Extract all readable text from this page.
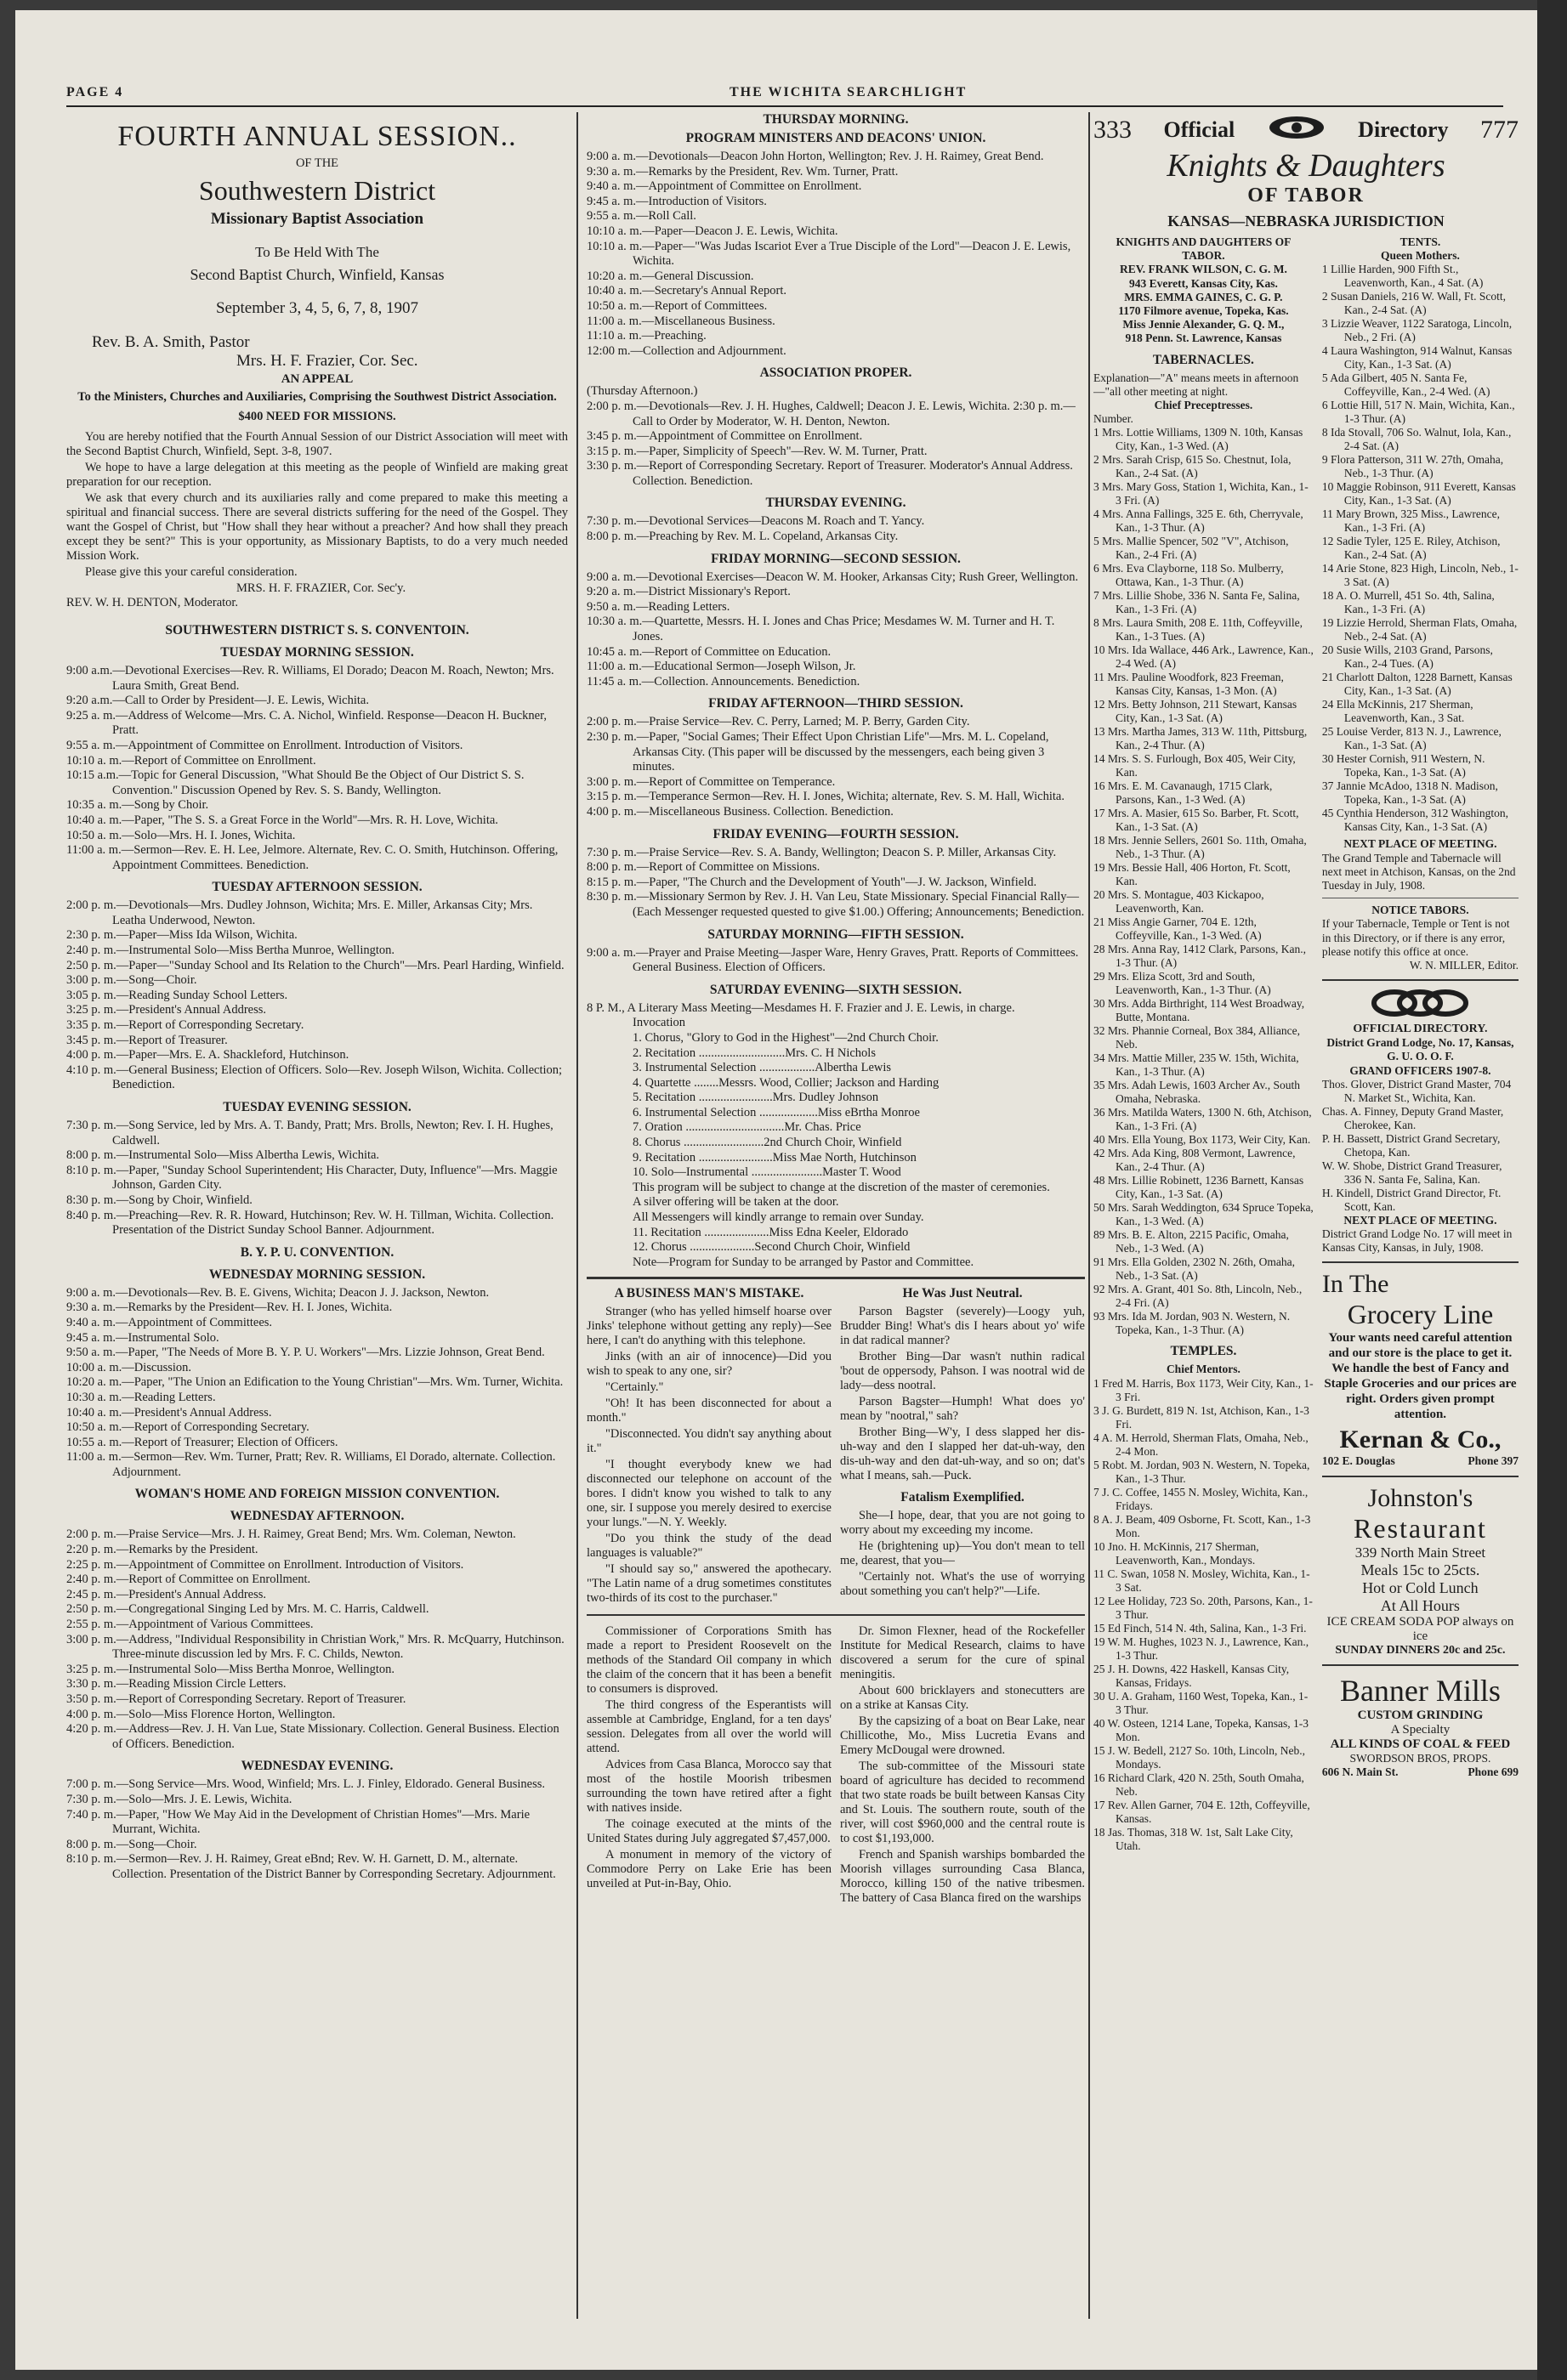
PAGE 4	THE WICHITA SEARCHLIGHT
FOURTH ANNUAL SESSION..
OF THE
Southwestern District
Missionary Baptist Association
To Be Held With The
Second Baptist Church, Winfield, Kansas
September 3, 4, 5, 6, 7, 8, 1907
Rev. B. A. Smith, Pastor
Mrs. H. F. Frazier, Cor. Sec.
AN APPEAL
To the Ministers, Churches and Auxiliaries, Comprising the Southwest District Association.
$400 NEED FOR MISSIONS.

You are hereby notified that the Fourth Annual Session of our District Association will meet with the Second Baptist Church, Winfield, Sept. 3-8, 1907.

We hope to have a large delegation at this meeting as the people of Winfield are making great preparation for our reception.

We ask that every church and its auxiliaries rally and come prepared to make this meeting a spiritual and financial success. There are several districts suffering for the need of the Gospel. They want the Gospel of Christ, but "How shall they hear without a preacher? And how shall they preach except they be sent?" This is your opportunity, as Missionary Baptists, to do a very much needed Mission Work.

Please give this your careful consideration.

MRS. H. F. FRAZIER, Cor. Sec'y.
REV. W. H. DENTON, Moderator.
SOUTHWESTERN DISTRICT S. S. CONVENTOIN.
TUESDAY MORNING SESSION.

9:00 a.m.—Devotional Exercises—Rev. R. Williams, El Dorado; Deacon M. Roach, Newton; Mrs. Laura Smith, Great Bend.

9:20 a.m.—Call to Order by President—J. E. Lewis, Wichita.

9:25 a. m.—Address of Welcome—Mrs. C. A. Nichol, Winfield. Response—Deacon H. Buckner, Pratt.

9:55 a. m.—Appointment of Committee on Enrollment. Introduction of Visitors.

10:10 a. m.—Report of Committee on Enrollment.

10:15 a.m.—Topic for General Discussion, "What Should Be the Object of Our District S. S. Convention." Discussion Opened by Rev. S. S. Bandy, Wellington.

10:35 a. m.—Song by Choir.

10:40 a. m.—Paper, "The S. S. a Great Force in the World"—Mrs. R. H. Love, Wichita.

10:50 a. m.—Solo—Mrs. H. I. Jones, Wichita.

11:00 a. m.—Sermon—Rev. E. H. Lee, Jelmore. Alternate, Rev. C. O. Smith, Hutchinson. Offering, Appointment Committees. Benediction.

TUESDAY AFTERNOON SESSION.

2:00 p. m.—Devotionals—Mrs. Dudley Johnson, Wichita; Mrs. E. Miller, Arkansas City; Mrs. Leatha Underwood, Newton.

2:30 p. m.—Paper—Miss Ida Wilson, Wichita.

2:40 p. m.—Instrumental Solo—Miss Bertha Munroe, Wellington.

2:50 p. m.—Paper—"Sunday School and Its Relation to the Church"—Mrs. Pearl Harding, Winfield.

3:00 p. m.—Song—Choir.

3:05 p. m.—Reading Sunday School Letters.

3:25 p. m.—President's Annual Address.

3:35 p. m.—Report of Corresponding Secretary.

3:45 p. m.—Report of Treasurer.

4:00 p. m.—Paper—Mrs. E. A. Shackleford, Hutchinson.

4:10 p. m.—General Business; Election of Officers. Solo—Rev. Joseph Wilson, Wichita. Collection; Benediction.

TUESDAY EVENING SESSION.

7:30 p. m.—Song Service, led by Mrs. A. T. Bandy, Pratt; Mrs. Brolls, Newton; Rev. I. H. Hughes, Caldwell.

8:00 p. m.—Instrumental Solo—Miss Albertha Lewis, Wichita.

8:10 p. m.—Paper, "Sunday School Superintendent; His Character, Duty, Influence"—Mrs. Maggie Johnson, Garden City.

8:30 p. m.—Song by Choir, Winfield.

8:40 p. m.—Preaching—Rev. R. R. Howard, Hutchinson; Rev. W. H. Tillman, Wichita. Collection. Presentation of the District Sunday School Banner. Adjournment.

B. Y. P. U. CONVENTION.
WEDNESDAY MORNING SESSION.

9:00 a. m.—Devotionals—Rev. B. E. Givens, Wichita; Deacon J. J. Jackson, Newton.

9:30 a. m.—Remarks by the President—Rev. H. I. Jones, Wichita.

9:40 a. m.—Appointment of Committees.

9:45 a. m.—Instrumental Solo.

9:50 a. m.—Paper, "The Needs of More B. Y. P. U. Workers"—Mrs. Lizzie Johnson, Great Bend.

10:00 a. m.—Discussion.

10:20 a. m.—Paper, "The Union an Edification to the Young Christian"—Mrs. Wm. Turner, Wichita.

10:30 a. m.—Reading Letters.

10:40 a. m.—President's Annual Address.

10:50 a. m.—Report of Corresponding Secretary.

10:55 a. m.—Report of Treasurer; Election of Officers.

11:00 a. m.—Sermon—Rev. Wm. Turner, Pratt; Rev. R. Williams, El Dorado, alternate. Collection. Adjournment.

WOMAN'S HOME AND FOREIGN MISSION CONVENTION.
WEDNESDAY AFTERNOON.

2:00 p. m.—Praise Service—Mrs. J. H. Raimey, Great Bend; Mrs. Wm. Coleman, Newton.

2:20 p. m.—Remarks by the President.

2:25 p. m.—Appointment of Committee on Enrollment. Introduction of Visitors.

2:40 p. m.—Report of Committee on Enrollment.

2:45 p. m.—President's Annual Address.

2:50 p. m.—Congregational Singing Led by Mrs. M. C. Harris, Caldwell.

2:55 p. m.—Appointment of Various Committees.

3:00 p. m.—Address, "Individual Responsibility in Christian Work," Mrs. R. McQuarry, Hutchinson. Three-minute discussion led by Mrs. F. C. Childs, Newton.

3:25 p. m.—Instrumental Solo—Miss Bertha Monroe, Wellington.

3:30 p. m.—Reading Mission Circle Letters.

3:50 p. m.—Report of Corresponding Secretary. Report of Treasurer.

4:00 p. m.—Solo—Miss Florence Horton, Wellington.

4:20 p. m.—Address—Rev. J. H. Van Lue, State Missionary. Collection. General Business. Election of Officers. Benediction.

WEDNESDAY EVENING.

7:00 p. m.—Song Service—Mrs. Wood, Winfield; Mrs. L. J. Finley, Eldorado. General Business.

7:30 p. m.—Solo—Mrs. J. E. Lewis, Wichita.

7:40 p. m.—Paper, "How We May Aid in the Development of Christian Homes"—Mrs. Marie Murrant, Wichita.

8:00 p. m.—Song—Choir.

8:10 p. m.—Sermon—Rev. J. H. Raimey, Great eBnd; Rev. W. H. Garnett, D. M., alternate. Collection. Presentation of the District Banner by Corresponding Secretary. Adjournment.

THURSDAY MORNING.
PROGRAM MINISTERS AND DEACONS' UNION.

9:00 a. m.—Devotionals—Deacon John Horton, Wellington; Rev. J. H. Raimey, Great Bend.

9:30 a. m.—Remarks by the President, Rev. Wm. Turner, Pratt.

9:40 a. m.—Appointment of Committee on Enrollment.

9:45 a. m.—Introduction of Visitors.

9:55 a. m.—Roll Call.

10:10 a. m.—Paper—Deacon J. E. Lewis, Wichita.

10:10 a. m.—Paper—"Was Judas Iscariot Ever a True Disciple of the Lord"—Deacon J. E. Lewis, Wichita.

10:20 a. m.—General Discussion.

10:40 a. m.—Secretary's Annual Report.

10:50 a. m.—Report of Committees.

11:00 a. m.—Miscellaneous Business.

11:10 a. m.—Preaching.

12:00 m.—Collection and Adjournment.

ASSOCIATION PROPER.

(Thursday Afternoon.)

2:00 p. m.—Devotionals—Rev. J. H. Hughes, Caldwell; Deacon J. E. Lewis, Wichita. 2:30 p. m.—Call to Order by Moderator, W. H. Denton, Newton.

3:45 p. m.—Appointment of Committee on Enrollment.

3:15 p. m.—Paper, Simplicity of Speech"—Rev. W. M. Turner, Pratt.

3:30 p. m.—Report of Corresponding Secretary. Report of Treasurer. Moderator's Annual Address. Collection. Benediction.

THURSDAY EVENING.

7:30 p. m.—Devotional Services—Deacons M. Roach and T. Yancy.

8:00 p. m.—Preaching by Rev. M. L. Copeland, Arkansas City.

FRIDAY MORNING—SECOND SESSION.

9:00 a. m.—Devotional Exercises—Deacon W. M. Hooker, Arkansas City; Rush Greer, Wellington.

9:20 a. m.—District Missionary's Report.

9:50 a. m.—Reading Letters.

10:30 a. m.—Quartette, Messrs. H. I. Jones and Chas Price; Mesdames W. M. Turner and H. T. Jones.

10:45 a. m.—Report of Committee on Education.

11:00 a. m.—Educational Sermon—Joseph Wilson, Jr.

11:45 a. m.—Collection. Announcements. Benediction.

FRIDAY AFTERNOON—THIRD SESSION.

2:00 p. m.—Praise Service—Rev. C. Perry, Larned; M. P. Berry, Garden City.

2:30 p. m.—Paper, "Social Games; Their Effect Upon Christian Life"—Mrs. M. L. Copeland, Arkansas City. (This paper will be discussed by the messengers, each being given 3 minutes.

3:00 p. m.—Report of Committee on Temperance.

3:15 p. m.—Temperance Sermon—Rev. H. I. Jones, Wichita; alternate, Rev. S. M. Hall, Wichita.

4:00 p. m.—Miscellaneous Business. Collection. Benediction.

FRIDAY EVENING—FOURTH SESSION.

7:30 p. m.—Praise Service—Rev. S. A. Bandy, Wellington; Deacon S. P. Miller, Arkansas City.

8:00 p. m.—Report of Committee on Missions.

8:15 p. m.—Paper, "The Church and the Development of Youth"—J. W. Jackson, Winfield.

8:30 p. m.—Missionary Sermon by Rev. J. H. Van Leu, State Missionary. Special Financial Rally—(Each Messenger requested quested to give $1.00.) Offering; Announcements; Benediction.

SATURDAY MORNING—FIFTH SESSION.

9:00 a. m.—Prayer and Praise Meeting—Jasper Ware, Henry Graves, Pratt. Reports of Committees. General Business. Election of Officers.

SATURDAY EVENING—SIXTH SESSION.

8 P. M., A Literary Mass Meeting—Mesdames H. F. Frazier and J. E. Lewis, in charge.

Invocation

1. Chorus, "Glory to God in the Highest"—2nd Church Choir.

2. Recitation ............................Mrs. C. H Nichols

3. Instrumental Selection ..................Albertha Lewis

4. Quartette ........Messrs. Wood, Collier; Jackson and Harding

5. Recitation ........................Mrs. Dudley Johnson

6. Instrumental Selection ...................Miss eBrtha Monroe

7. Oration ................................Mr. Chas. Price

8. Chorus ..........................2nd Church Choir, Winfield

9. Recitation ........................Miss Mae North, Hutchinson

10. Solo—Instrumental .......................Master T. Wood

This program will be subject to change at the discretion of the master of ceremonies.

A silver offering will be taken at the door.

All Messengers will kindly arrange to remain over Sunday.

11. Recitation .....................Miss Edna Keeler, Eldorado

12. Chorus .....................Second Church Choir, Winfield

Note—Program for Sunday to be arranged by Pastor and Committee.

A BUSINESS MAN'S MISTAKE.

Stranger (who has yelled himself hoarse over Jinks' telephone without getting any reply)—See here, I can't do anything with this telephone.

Jinks (with an air of innocence)—Did you wish to speak to any one, sir?

"Certainly."

"Oh! It has been disconnected for about a month."

"Disconnected. You didn't say anything about it."

"I thought everybody knew we had disconnected our telephone on account of the bores. I didn't know you wished to talk to any one, sir. I suppose you merely desired to exercise your lungs."—N. Y. Weekly.

"Do you think the study of the dead languages is valuable?"

"I should say so," answered the apothecary. "The Latin name of a drug sometimes constitutes two-thirds of its cost to the purchaser."

He Was Just Neutral.

Parson Bagster (severely)—Loogy yuh, Brudder Bing! What's dis I hears about yo' wife in dat radical manner?

Brother Bing—Dar wasn't nuthin radical 'bout de oppersody, Pahson. I was nootral wid de lady—dess nootral.

Parson Bagster—Humph! What does yo' mean by "nootral," sah?

Brother Bing—W'y, I dess slapped her dis-uh-way and den I slapped her dat-uh-way, den dis-uh-way and den dat-uh-way, and so on; dat's what I means, sah.—Puck.

Fatalism Exemplified.

She—I hope, dear, that you are not going to worry about my exceeding my income.

He (brightening up)—You don't mean to tell me, dearest, that you—

"Certainly not. What's the use of worrying about something you can't help?"—Life.

Commissioner of Corporations Smith has made a report to President Roosevelt on the methods of the Standard Oil company in which the claim of the concern that it has been a benefit to consumers is disproved.

The third congress of the Esperantists will assemble at Cambridge, England, for a ten days' session. Delegates from all over the world will attend.

Advices from Casa Blanca, Morocco say that most of the hostile Moorish tribesmen surrounding the town have retired after a fight with natives inside.

The coinage executed at the mints of the United States during July aggregated $7,457,000.

A monument in memory of the victory of Commodore Perry on Lake Erie has been unveiled at Put-in-Bay, Ohio.

Dr. Simon Flexner, head of the Rockefeller Institute for Medical Research, claims to have discovered a serum for the cure of spinal meningitis.

About 600 bricklayers and stonecutters are on a strike at Kansas City.

By the capsizing of a boat on Bear Lake, near Chillicothe, Mo., Miss Lucretia Evans and Emery McDougal were drowned.

The sub-committee of the Missouri state board of agriculture has decided to recommend that two state roads be built between Kansas City and St. Louis. The southern route, south of the river, will cost $960,000 and the central route is to cost $1,193,000.

French and Spanish warships bombarded the Moorish villages surrounding Casa Blanca, Morocco, killing 150 of the native tribesmen. The battery of Casa Blanca fired on the warships

333 Official	Directory 777
Knights & Daughters
OF TABOR
KANSAS—NEBRASKA JURISDICTION
KNIGHTS AND DAUGHTERS OF TABOR.

REV. FRANK WILSON, C. G. M.

943 Everett, Kansas City, Kas.

MRS. EMMA GAINES, C. G. P.

1170 Filmore avenue, Topeka, Kas.

Miss Jennie Alexander, G. Q. M.,

918 Penn. St. Lawrence, Kansas

TABERNACLES.
Explanation—"A" means meets in afternoon—"all other meeting at night.
Chief Preceptresses.
Number.

1 Mrs. Lottie Williams, 1309 N. 10th, Kansas City, Kan., 1-3 Wed. (A)

2 Mrs. Sarah Crisp, 615 So. Chestnut, Iola, Kan., 2-4 Sat. (A)

3 Mrs. Mary Goss, Station 1, Wichita, Kan., 1-3 Fri. (A)

4 Mrs. Anna Fallings, 325 E. 6th, Cherryvale, Kan., 1-3 Thur. (A)

5 Mrs. Mallie Spencer, 502 "V", Atchison, Kan., 2-4 Fri. (A)

6 Mrs. Eva Clayborne, 118 So. Mulberry, Ottawa, Kan., 1-3 Thur. (A)

7 Mrs. Lillie Shobe, 336 N. Santa Fe, Salina, Kan., 1-3 Fri. (A)

8 Mrs. Laura Smith, 208 E. 11th, Coffeyville, Kan., 1-3 Tues. (A)

10 Mrs. Ida Wallace, 446 Ark., Lawrence, Kan., 2-4 Wed. (A)

11 Mrs. Pauline Woodfork, 823 Freeman, Kansas City, Kansas, 1-3 Mon. (A)

12 Mrs. Betty Johnson, 211 Stewart, Kansas City, Kan., 1-3 Sat. (A)

13 Mrs. Martha James, 313 W. 11th, Pittsburg, Kan., 2-4 Thur. (A)

14 Mrs. S. S. Furlough, Box 405, Weir City, Kan.

16 Mrs. E. M. Cavanaugh, 1715 Clark, Parsons, Kan., 1-3 Wed. (A)

17 Mrs. A. Masier, 615 So. Barber, Ft. Scott, Kan., 1-3 Sat. (A)

18 Mrs. Jennie Sellers, 2601 So. 11th, Omaha, Neb., 1-3 Thur. (A)

19 Mrs. Bessie Hall, 406 Horton, Ft. Scott, Kan.

20 Mrs. S. Montague, 403 Kickapoo, Leavenworth, Kan.

21 Miss Angie Garner, 704 E. 12th, Coffeyville, Kan., 1-3 Wed. (A)

28 Mrs. Anna Ray, 1412 Clark, Parsons, Kan., 1-3 Thur. (A)

29 Mrs. Eliza Scott, 3rd and South, Leavenworth, Kan., 1-3 Thur. (A)

30 Mrs. Adda Birthright, 114 West Broadway, Butte, Montana.

32 Mrs. Phannie Corneal, Box 384, Alliance, Neb.

34 Mrs. Mattie Miller, 235 W. 15th, Wichita, Kan., 1-3 Thur. (A)

35 Mrs. Adah Lewis, 1603 Archer Av., South Omaha, Nebraska.

36 Mrs. Matilda Waters, 1300 N. 6th, Atchison, Kan., 1-3 Fri. (A)

40 Mrs. Ella Young, Box 1173, Weir City, Kan.

42 Mrs. Ada King, 808 Vermont, Lawrence, Kan., 2-4 Thur. (A)

48 Mrs. Lillie Robinett, 1236 Barnett, Kansas City, Kan., 1-3 Sat. (A)

50 Mrs. Sarah Weddington, 634 Spruce Topeka, Kan., 1-3 Wed. (A)

89 Mrs. B. E. Alton, 2215 Pacific, Omaha, Neb., 1-3 Wed. (A)

91 Mrs. Ella Golden, 2302 N. 26th, Omaha, Neb., 1-3 Sat. (A)

92 Mrs. A. Grant, 401 So. 8th, Lincoln, Neb., 2-4 Fri. (A)

93 Mrs. Ida M. Jordan, 903 N. Western, N. Topeka, Kan., 1-3 Thur. (A)

TEMPLES.
Chief Mentors.

1 Fred M. Harris, Box 1173, Weir City, Kan., 1-3 Fri.

3 J. G. Burdett, 819 N. 1st, Atchison, Kan., 1-3 Fri.

4 A. M. Herrold, Sherman Flats, Omaha, Neb., 2-4 Mon.

5 Robt. M. Jordan, 903 N. Western, N. Topeka, Kan., 1-3 Thur.

7 J. C. Coffee, 1455 N. Mosley, Wichita, Kan., Fridays.

8 A. J. Beam, 409 Osborne, Ft. Scott, Kan., 1-3 Mon.

10 Jno. H. McKinnis, 217 Sherman, Leavenworth, Kan., Mondays.

11 C. Swan, 1058 N. Mosley, Wichita, Kan., 1-3 Sat.

12 Lee Holiday, 723 So. 20th, Parsons, Kan., 1-3 Thur.

15 Ed Finch, 514 N. 4th, Salina, Kan., 1-3 Fri.

19 W. M. Hughes, 1023 N. J., Lawrence, Kan., 1-3 Thur.

25 J. H. Downs, 422 Haskell, Kansas City, Kansas, Fridays.

30 U. A. Graham, 1160 West, Topeka, Kan., 1-3 Thur.

40 W. Osteen, 1214 Lane, Topeka, Kansas, 1-3 Mon.

15 J. W. Bedell, 2127 So. 10th, Lincoln, Neb., Mondays.

16 Richard Clark, 420 N. 25th, South Omaha, Neb.

17 Rev. Allen Garner, 704 E. 12th, Coffeyville, Kansas.

18 Jas. Thomas, 318 W. 1st, Salt Lake City, Utah.

TENTS.
Queen Mothers.

1 Lillie Harden, 900 Fifth St., Leavenworth, Kan., 4 Sat. (A)

2 Susan Daniels, 216 W. Wall, Ft. Scott, Kan., 2-4 Sat. (A)

3 Lizzie Weaver, 1122 Saratoga, Lincoln, Neb., 2 Fri. (A)

4 Laura Washington, 914 Walnut, Kansas City, Kan., 1-3 Sat. (A)

5 Ada Gilbert, 405 N. Santa Fe, Coffeyville, Kan., 2-4 Wed. (A)

6 Lottie Hill, 517 N. Main, Wichita, Kan., 1-3 Thur. (A)

8 Ida Stovall, 706 So. Walnut, Iola, Kan., 2-4 Sat. (A)

9 Flora Patterson, 311 W. 27th, Omaha, Neb., 1-3 Thur. (A)

10 Maggie Robinson, 911 Everett, Kansas City, Kan., 1-3 Sat. (A)

11 Mary Brown, 325 Miss., Lawrence, Kan., 1-3 Fri. (A)

12 Sadie Tyler, 125 E. Riley, Atchison, Kan., 2-4 Sat. (A)

14 Arie Stone, 823 High, Lincoln, Neb., 1-3 Sat. (A)

18 A. O. Murrell, 451 So. 4th, Salina, Kan., 1-3 Fri. (A)

19 Lizzie Herrold, Sherman Flats, Omaha, Neb., 2-4 Sat. (A)

20 Susie Wills, 2103 Grand, Parsons, Kan., 2-4 Tues. (A)

21 Charlott Dalton, 1228 Barnett, Kansas City, Kan., 1-3 Sat. (A)

24 Ella McKinnis, 217 Sherman, Leavenworth, Kan., 3 Sat.

25 Louise Verder, 813 N. J., Lawrence, Kan., 1-3 Sat. (A)

30 Hester Cornish, 911 Western, N. Topeka, Kan., 1-3 Sat. (A)

37 Jannie McAdoo, 1318 N. Madison, Topeka, Kan., 1-3 Sat. (A)

45 Cynthia Henderson, 312 Washington, Kansas City, Kan., 1-3 Sat. (A)

NEXT PLACE OF MEETING.
The Grand Temple and Tabernacle will next meet in Atchison, Kansas, on the 2nd Tuesday in July, 1908.
NOTICE TABORS.
If your Tabernacle, Temple or Tent is not in this Directory, or if there is any error, please notify this office at once.
W. N. MILLER, Editor.
OFFICIAL DIRECTORY.
District Grand Lodge, No. 17, Kansas, G. U. O. O. F.
GRAND OFFICERS 1907-8.

Thos. Glover, District Grand Master, 704 N. Market St., Wichita, Kan.

Chas. A. Finney, Deputy Grand Master, Cherokee, Kan.

P. H. Bassett, District Grand Secretary, Chetopa, Kan.

W. W. Shobe, District Grand Treasurer, 336 N. Santa Fe, Salina, Kan.

H. Kindell, District Grand Director, Ft. Scott, Kan.

NEXT PLACE OF MEETING.
District Grand Lodge No. 17 will meet in Kansas City, Kansas, in July, 1908.
In The
Grocery Line
Your wants need careful attention and our store is the place to get it. We handle the best of Fancy and Staple Groceries and our prices are right. Orders given prompt attention.
Kernan & Co.,
102 E. Douglas	Phone 397
Johnston's
Restaurant
339 North Main Street
Meals 15c to 25cts.
Hot or Cold Lunch
At All Hours
ICE CREAM SODA POP always on ice
SUNDAY DINNERS 20c and 25c.
Banner Mills
CUSTOM GRINDING
A Specialty
ALL KINDS OF COAL & FEED
SWORDSON BROS, PROPS.
606 N. Main St.	Phone 699
